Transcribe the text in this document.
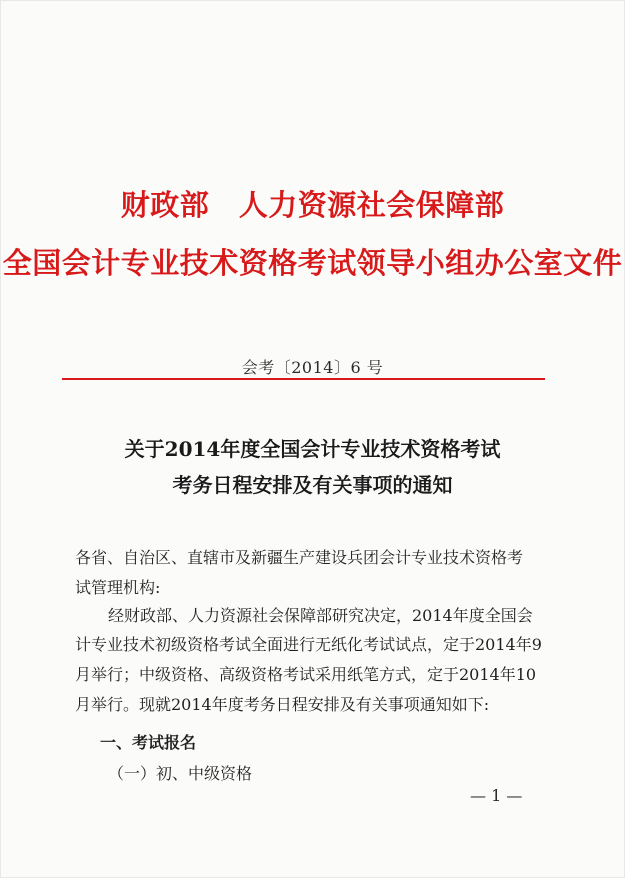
财政部　人力资源社会保障部
全国会计专业技术资格考试领导小组办公室文件
会考〔2014〕6 号
关于2014年度全国会计专业技术资格考试
考务日程安排及有关事项的通知
各省、自治区、直辖市及新疆生产建设兵团会计专业技术资格考
试管理机构:
经财政部、人力资源社会保障部研究决定，2014年度全国会
计专业技术初级资格考试全面进行无纸化考试试点，定于2014年9
月举行；中级资格、高级资格考试采用纸笔方式，定于2014年10
月举行。现就2014年度考务日程安排及有关事项通知如下:
一、考试报名
（一）初、中级资格
— 1 —
